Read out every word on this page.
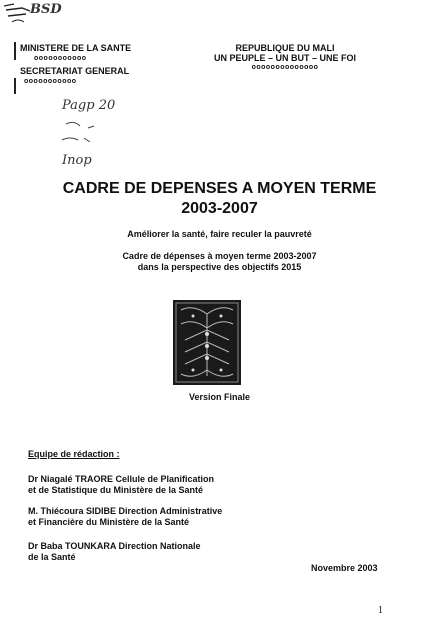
BSD
MINISTERE DE LA SANTE
ooooooooooo
SECRETARIAT GENERAL
ooooooooooo
REPUBLIQUE DU MALI
UN PEUPLE – UN BUT – UNE FOI
oooooooooooooo
Pagp 20
Inop
CADRE DE DEPENSES A MOYEN TERME
2003-2007
Améliorer la santé, faire reculer la pauvreté
Cadre de dépenses à moyen terme 2003-2007
dans la perspective des objectifs 2015
Version Finale
Equipe de rédaction :
Dr Niagalé TRAORE Cellule de Planification
et de Statistique du Ministère de la Santé
M. Thiécoura SIDIBE Direction Administrative
et Financière du Ministère de la Santé
Dr Baba TOUNKARA Direction Nationale
de la Santé
Novembre 2003
1
